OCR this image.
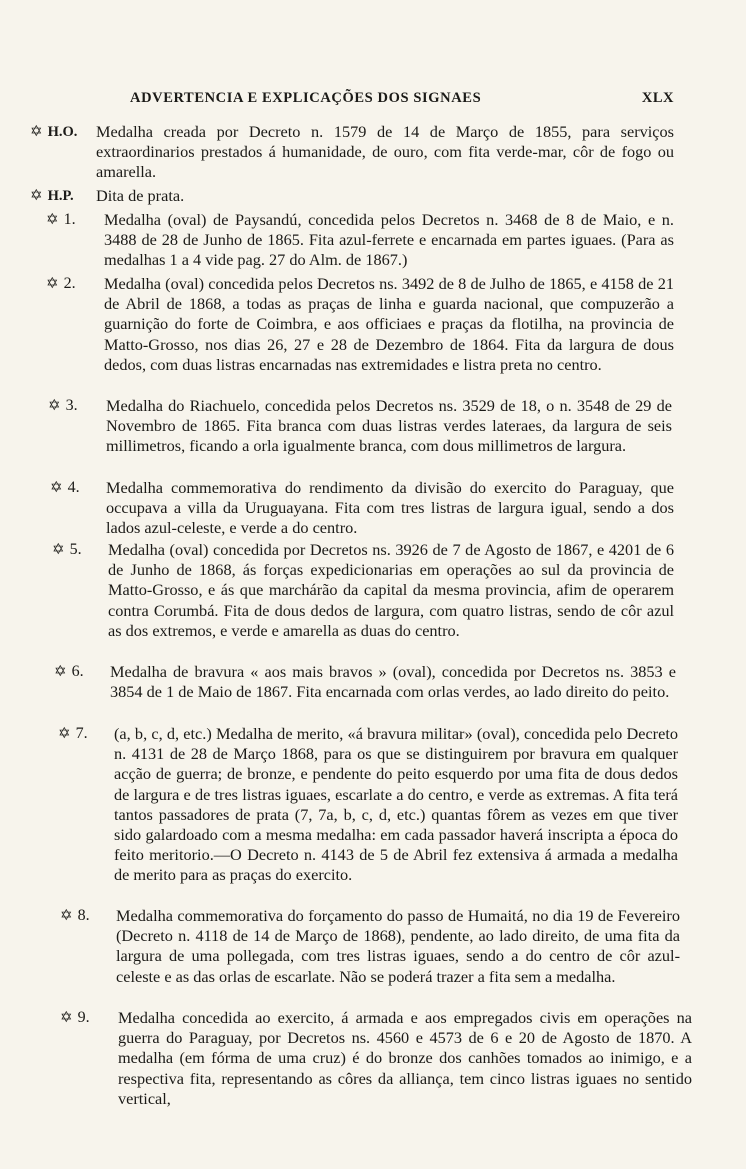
ADVERTENCIA E EXPLICAÇÕES DOS SIGNAES	XLX
✡ H.O. Medalha creada por Decreto n. 1579 de 14 de Março de 1855, para serviços extraordinarios prestados á humanidade, de ouro, com fita verde-mar, côr de fogo ou amarella.
✡ H.P. Dita de prata.
✡ 1. Medalha (oval) de Paysandú, concedida pelos Decretos n. 3468 de 8 de Maio, e n. 3488 de 28 de Junho de 1865. Fita azul-ferrete e encarnada em partes iguaes. (Para as medalhas 1 a 4 vide pag. 27 do Alm. de 1867.)
✡ 2. Medalha (oval) concedida pelos Decretos ns. 3492 de 8 de Julho de 1865, e 4158 de 21 de Abril de 1868, a todas as praças de linha e guarda nacional, que compuzerão a guarnição do forte de Coimbra, e aos officiaes e praças da flotilha, na provincia de Matto-Grosso, nos dias 26, 27 e 28 de Dezembro de 1864. Fita da largura de dous dedos, com duas listras encarnadas nas extremidades e listra preta no centro.
✡ 3. Medalha do Riachuelo, concedida pelos Decretos ns. 3529 de 18, o n. 3548 de 29 de Novembro de 1865. Fita branca com duas listras verdes lateraes, da largura de seis millimetros, ficando a orla igualmente branca, com dous millimetros de largura.
✡ 4. Medalha commemorativa do rendimento da divisão do exercito do Paraguay, que occupava a villa da Uruguayana. Fita com tres listras de largura igual, sendo a dos lados azul-celeste, e verde a do centro.
✡ 5. Medalha (oval) concedida por Decretos ns. 3926 de 7 de Agosto de 1867, e 4201 de 6 de Junho de 1868, ás forças expedicionarias em operações ao sul da provincia de Matto-Grosso, e ás que marchárão da capital da mesma provincia, afim de operarem contra Corumbá. Fita de dous dedos de largura, com quatro listras, sendo de côr azul as dos extremos, e verde e amarella as duas do centro.
✡ 6. Medalha de bravura « aos mais bravos » (oval), concedida por Decretos ns. 3853 e 3854 de 1 de Maio de 1867. Fita encarnada com orlas verdes, ao lado direito do peito.
✡ 7. (a, b, c, d, etc.) Medalha de merito, «á bravura militar» (oval), concedida pelo Decreto n. 4131 de 28 de Março 1868, para os que se distinguirem por bravura em qualquer acção de guerra; de bronze, e pendente do peito esquerdo por uma fita de dous dedos de largura e de tres listras iguaes, escarlate a do centro, e verde as extremas. A fita terá tantos passadores de prata (7, 7a, b, c, d, etc.) quantas fôrem as vezes em que tiver sido galardoado com a mesma medalha: em cada passador haverá inscripta a época do feito meritorio.—O Decreto n. 4143 de 5 de Abril fez extensiva á armada a medalha de merito para as praças do exercito.
✡ 8. Medalha commemorativa do forçamento do passo de Humaitá, no dia 19 de Fevereiro (Decreto n. 4118 de 14 de Março de 1868), pendente, ao lado direito, de uma fita da largura de uma pollegada, com tres listras iguaes, sendo a do centro de côr azul-celeste e as das orlas de escarlate. Não se poderá trazer a fita sem a medalha.
✡ 9. Medalha concedida ao exercito, á armada e aos empregados civis em operações na guerra do Paraguay, por Decretos ns. 4560 e 4573 de 6 e 20 de Agosto de 1870. A medalha (em fórma de uma cruz) é do bronze dos canhões tomados ao inimigo, e a respectiva fita, representando as côres da alliança, tem cinco listras iguaes no sentido vertical,
